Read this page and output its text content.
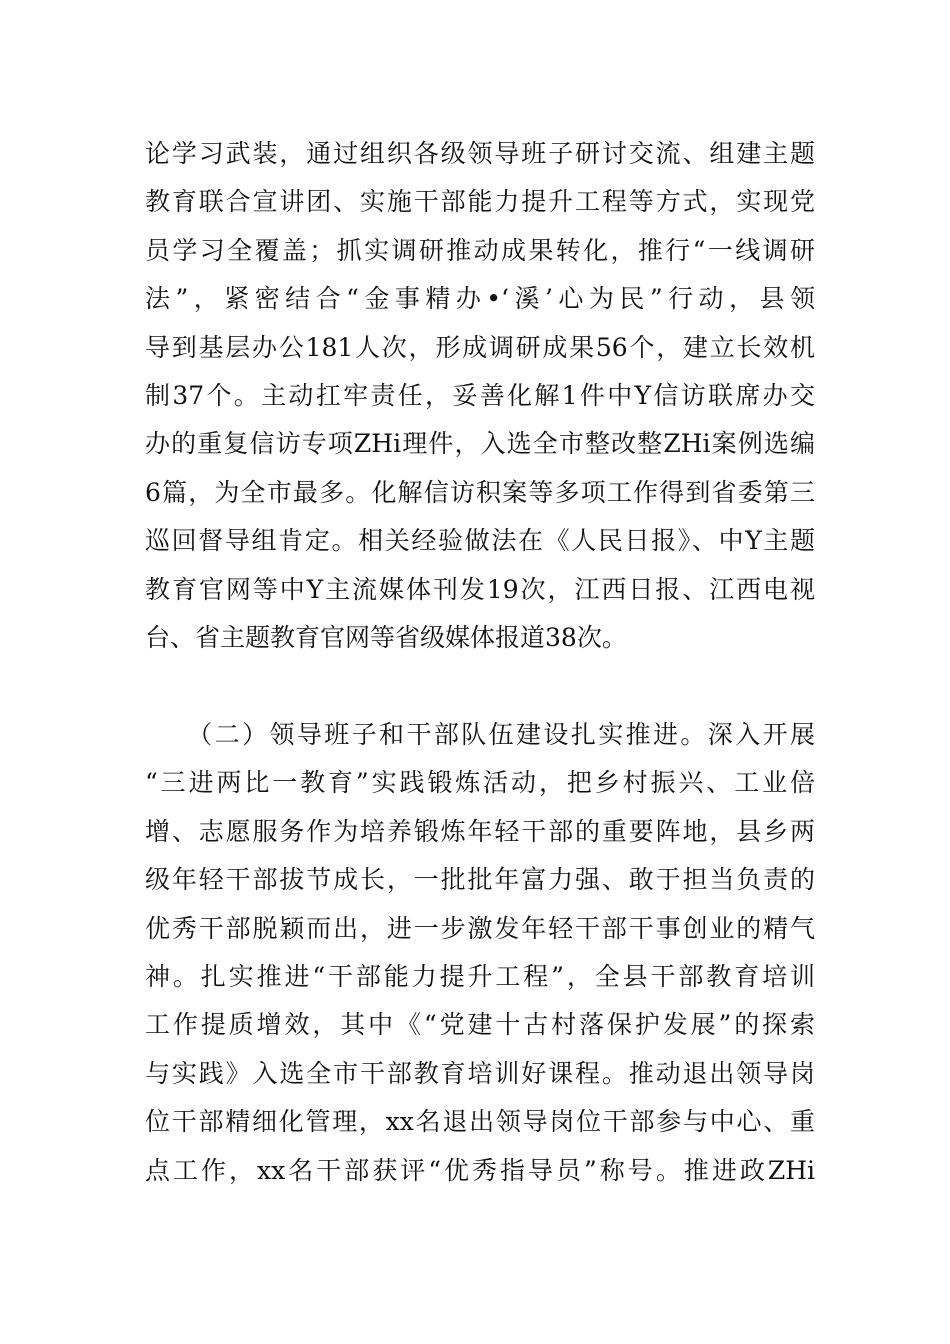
论学习武装，通过组织各级领导班子研讨交流、组建主题
教育联合宣讲团、实施干部能力提升工程等方式，实现党
员学习全覆盖；抓实调研推动成果转化，推行“一线调研
法”，紧密结合“金事精办•‘溪’心为民”行动，县领
导到基层办公181人次，形成调研成果56个，建立长效机
制37个。主动扛牢责任，妥善化解1件中Y信访联席办交
办的重复信访专项ZHi理件，入选全市整改整ZHi案例选编
6篇，为全市最多。化解信访积案等多项工作得到省委第三
巡回督导组肯定。相关经验做法在《人民日报》、中Y主题
教育官网等中Y主流媒体刊发19次，江西日报、江西电视
台、省主题教育官网等省级媒体报道38次。
　　（二）领导班子和干部队伍建设扎实推进。深入开展
“三进两比一教育”实践锻炼活动，把乡村振兴、工业倍
增、志愿服务作为培养锻炼年轻干部的重要阵地，县乡两
级年轻干部拔节成长，一批批年富力强、敢于担当负责的
优秀干部脱颖而出，进一步激发年轻干部干事创业的精气
神。扎实推进“干部能力提升工程”，全县干部教育培训
工作提质增效，其中《“党建十古村落保护发展”的探索
与实践》入选全市干部教育培训好课程。推动退出领导岗
位干部精细化管理，xx名退出领导岗位干部参与中心、重
点工作，xx名干部获评“优秀指导员”称号。推进政ZHi
